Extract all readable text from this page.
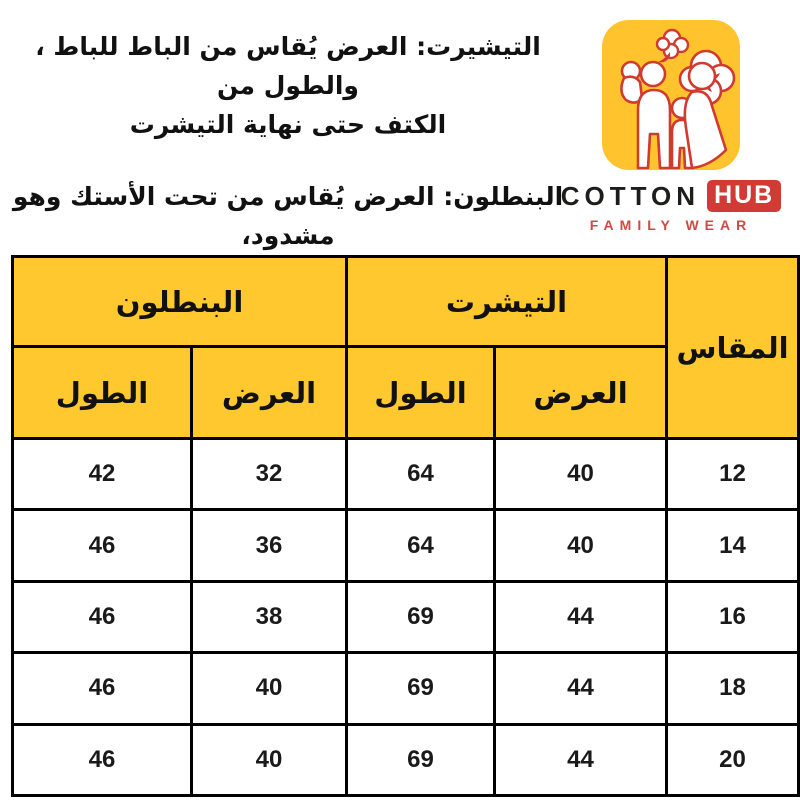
التيشيرت: العرض يُقاس من الباط للباط ، والطول من
الكتف حتى نهاية التيشرت

البنطلون: العرض يُقاس من تحت الأستك وهو مشدود،

COTTON HUB
FAMILY WEAR
المقاس	التيشرت		البنطلون	
	العرض	الطول	العرض	الطول
12	40	64	32	42
14	40	64	36	46
16	44	69	38	46
18	44	69	40	46
20	44	69	40	46
